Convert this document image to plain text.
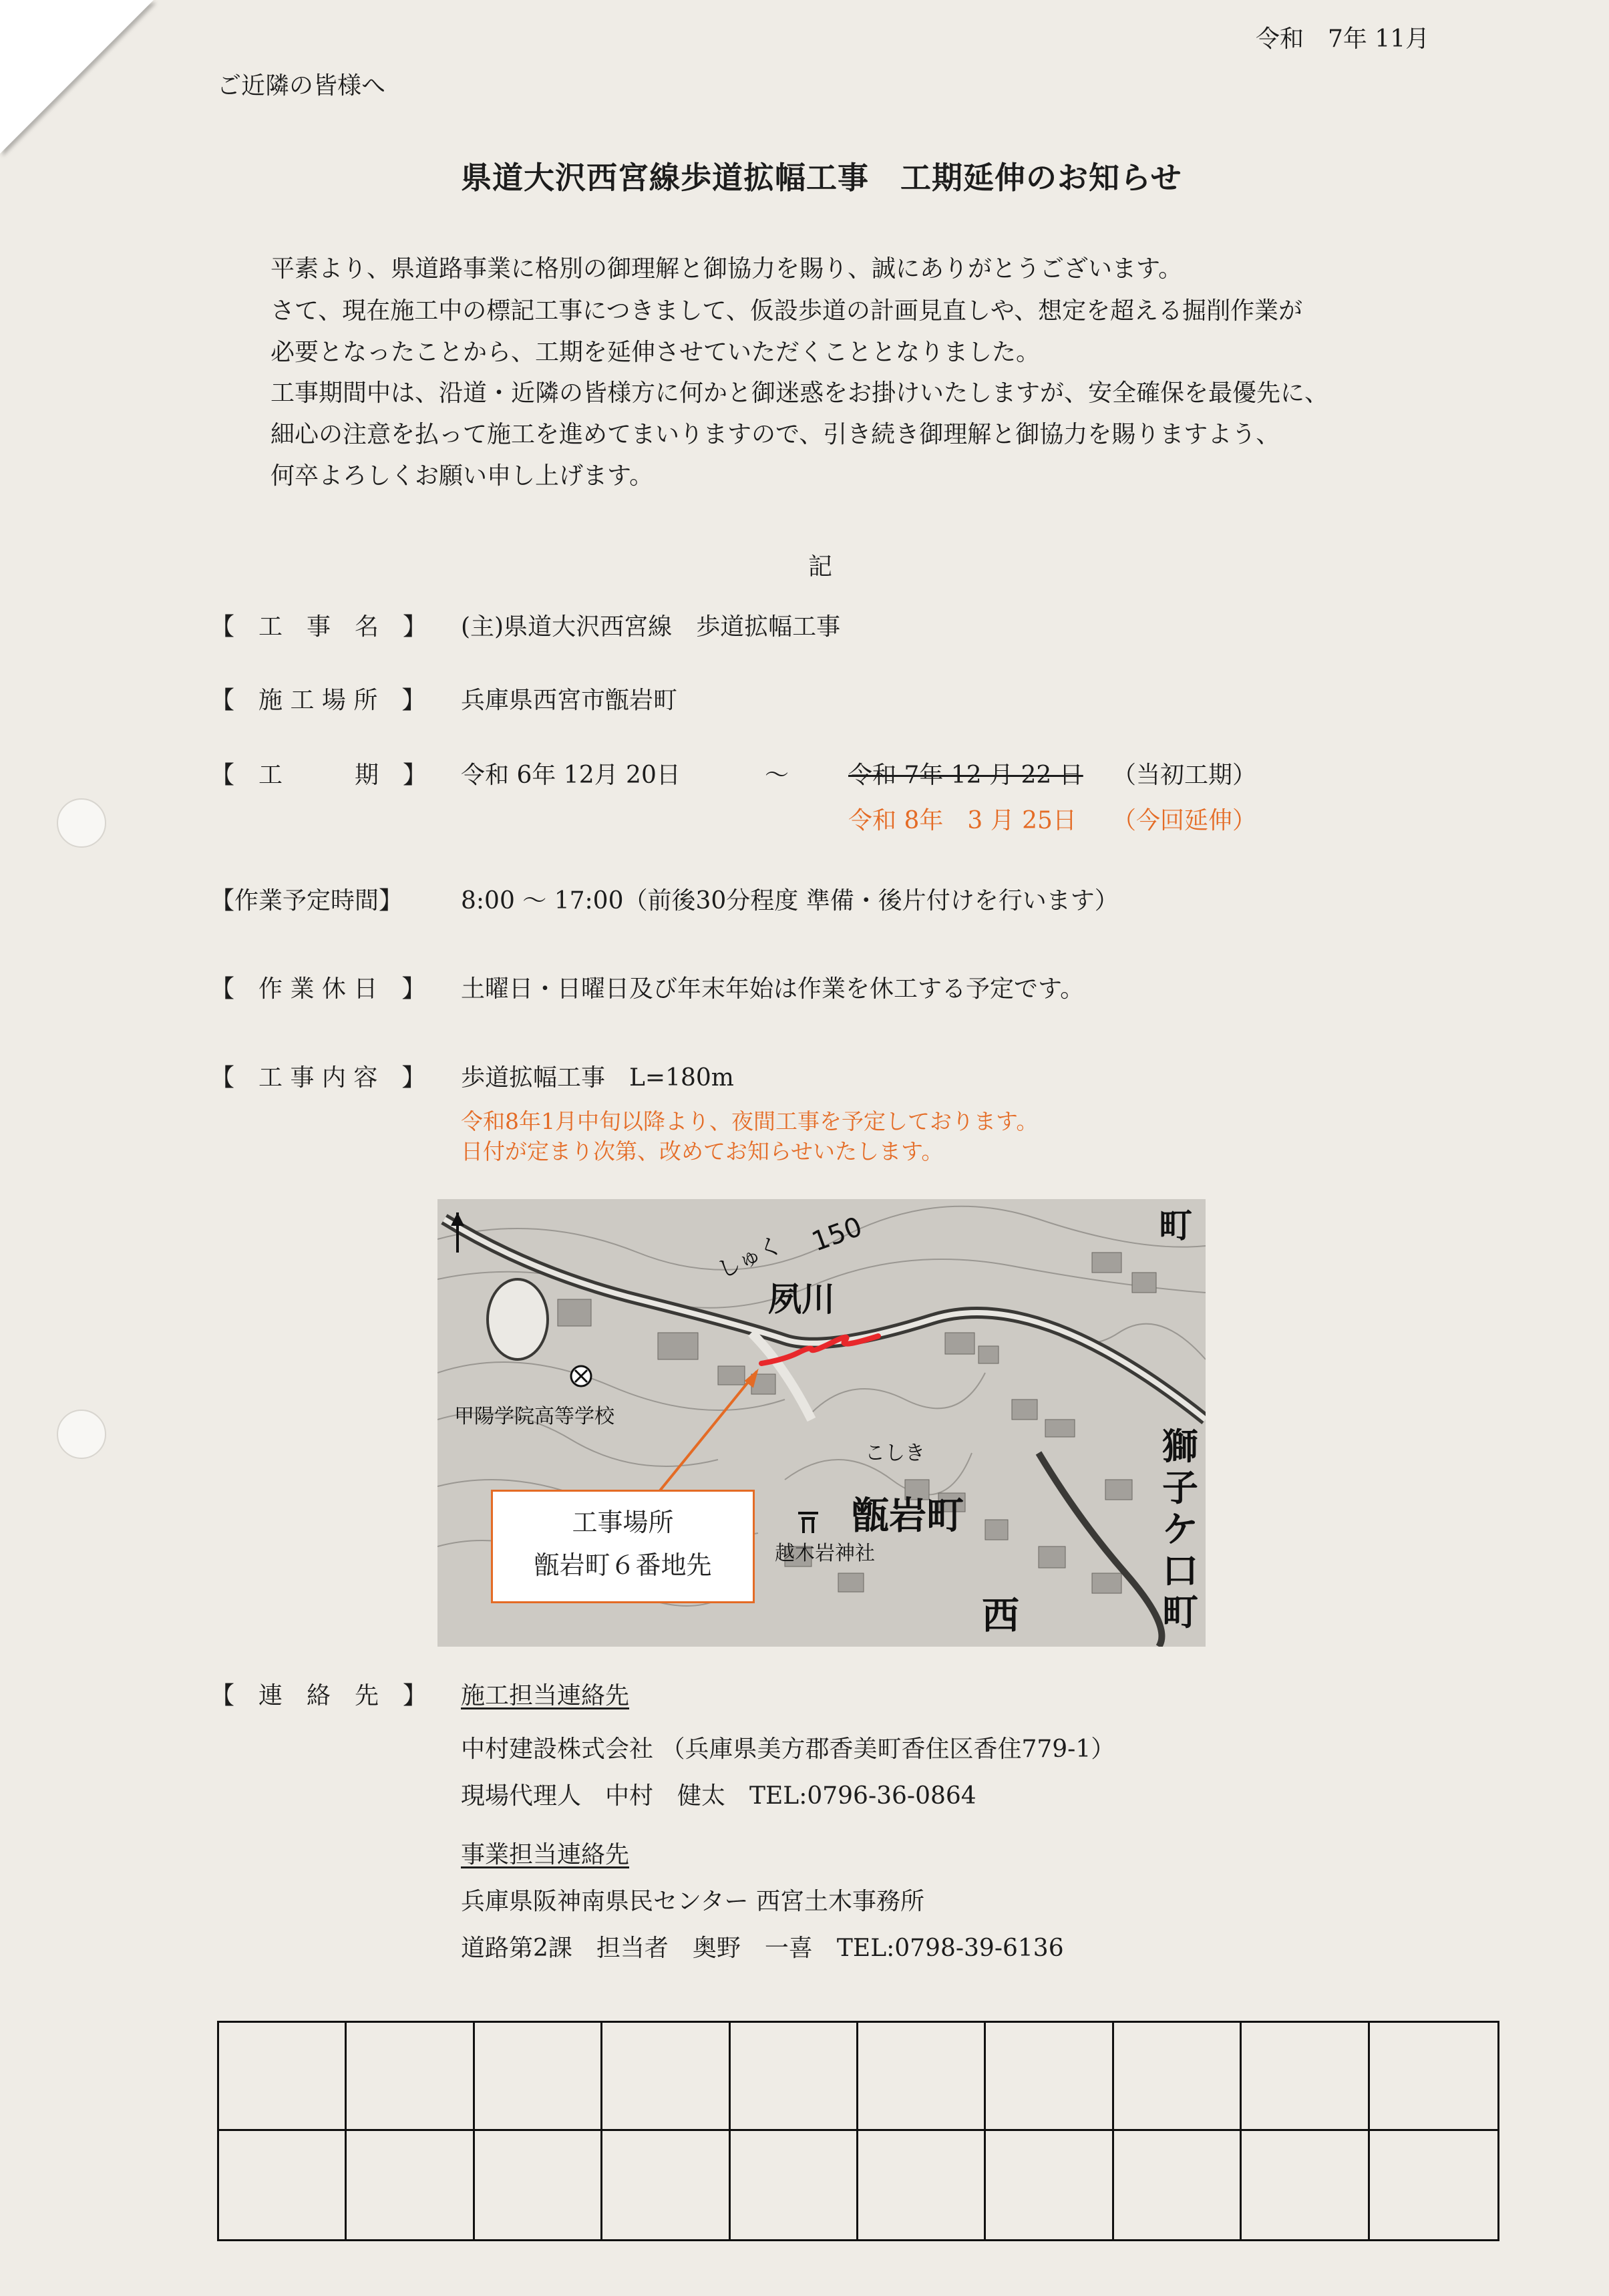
令和　7年 11月
ご近隣の皆様へ
県道大沢西宮線歩道拡幅工事　工期延伸のお知らせ
平素より、県道路事業に格別の御理解と御協力を賜り、誠にありがとうございます。
さて、現在施工中の標記工事につきまして、仮設歩道の計画見直しや、想定を超える掘削作業が
必要となったことから、工期を延伸させていただくこととなりました。
工事期間中は、沿道・近隣の皆様方に何かと御迷惑をお掛けいたしますが、安全確保を最優先に、
細心の注意を払って施工を進めてまいりますので、引き続き御理解と御協力を賜りますよう、
何卒よろしくお願い申し上げます。
記
【　工　事　名　】 (主)県道大沢西宮線　歩道拡幅工事
【　施 工 場 所　】 兵庫県西宮市甑岩町
【　工　　　期　】 令和 6年 12月 20日	～ 令和 7年 12 月 22 日 （当初工期）
令和 8年　3 月 25日 （今回延伸）
【作業予定時間】 8:00 ～ 17:00（前後30分程度 準備・後片付けを行います）
【　作 業 休 日　】 土曜日・日曜日及び年末年始は作業を休工する予定です。
【　工 事 内 容　】 歩道拡幅工事　L=180m
令和8年1月中旬以降より、夜間工事を予定しております。
日付が定まり次第、改めてお知らせいたします。
夙川
甑岩町
甲陽学院高等学校
越木岩神社
西
町
獅子ケ口町
150
しゅく
こしき
工事場所
甑岩町６番地先
【　連　絡　先　】 施工担当連絡先
中村建設株式会社 （兵庫県美方郡香美町香住区香住779-1）
現場代理人　中村　健太　TEL:0796-36-0864
事業担当連絡先
兵庫県阪神南県民センター 西宮土木事務所
道路第2課　担当者　奥野　一喜　TEL:0798-39-6136
